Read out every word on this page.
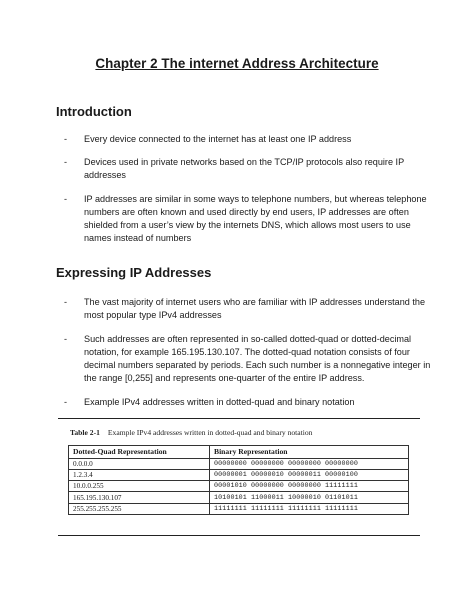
Chapter 2 The internet Address Architecture
Introduction
- Every device connected to the internet has at least one IP address
- Devices used in private networks based on the TCP/IP protocols also require IP addresses
- IP addresses are similar in some ways to telephone numbers, but whereas telephone numbers are often known and used directly by end users, IP addresses are often shielded from a user’s view by the internets DNS, which allows most users to use names instead of numbers
Expressing IP Addresses
- The vast majority of internet users who are familiar with IP addresses understand the most popular type IPv4 addresses
- Such addresses are often represented in so-called dotted-quad or dotted-decimal notation, for example 165.195.130.107. The dotted-quad notation consists of four decimal numbers separated by periods. Each such number is a nonnegative integer in the range [0,255] and represents one-quarter of the entire IP address.
- Example IPv4 addresses written in dotted-quad and binary notation
Table 2-1 Example IPv4 addresses written in dotted-quad and binary notation
Dotted-Quad Representation	Binary Representation
0.0.0.0	00000000 00000000 00000000 00000000
1.2.3.4	00000001 00000010 00000011 00000100
10.0.0.255	00001010 00000000 00000000 11111111
165.195.130.107	10100101 11000011 10000010 01101011
255.255.255.255	11111111 11111111 11111111 11111111
